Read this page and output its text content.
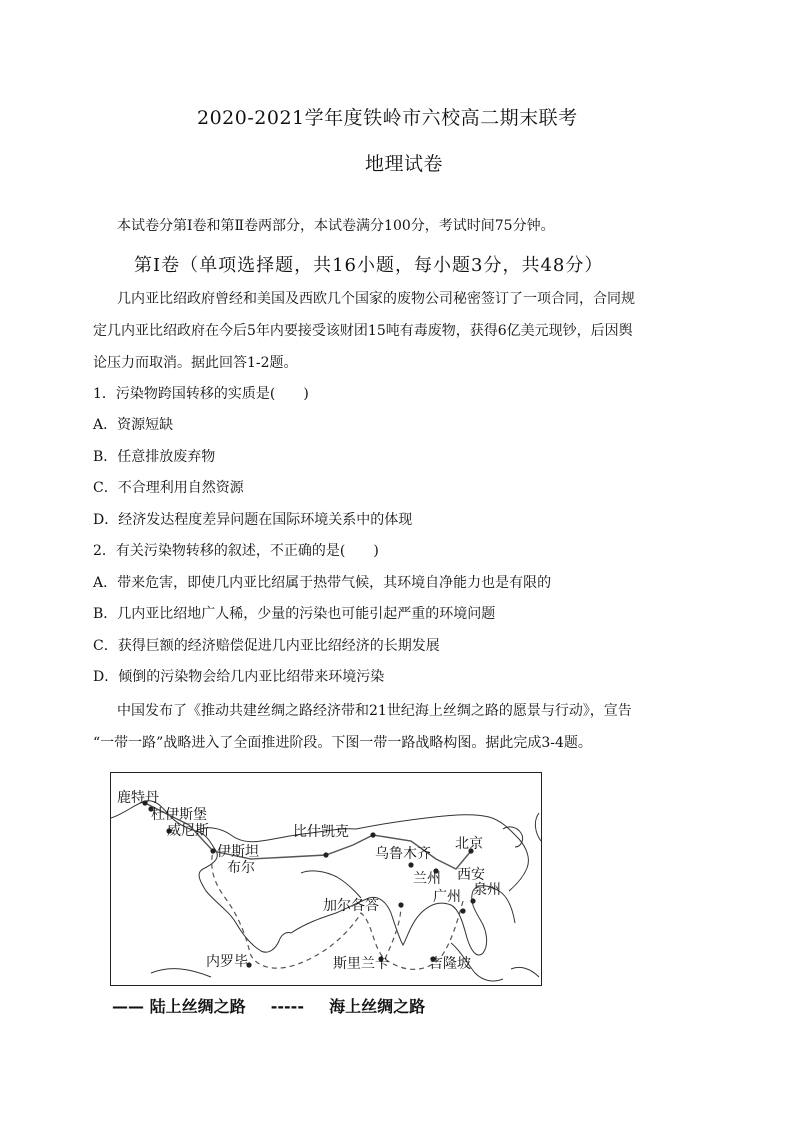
2020-2021学年度铁岭市六校高二期末联考
地理试卷
本试卷分第Ⅰ卷和第Ⅱ卷两部分，本试卷满分100分，考试时间75分钟。
第Ⅰ卷（单项选择题，共16小题，每小题3分，共48分）
几内亚比绍政府曾经和美国及西欧几个国家的废物公司秘密签订了一项合同，合同规
定几内亚比绍政府在今后5年内要接受该财团15吨有毒废物，获得6亿美元现钞，后因舆
论压力而取消。据此回答1-2题。
1．污染物跨国转移的实质是(　　)
A．资源短缺
B．任意排放废弃物
C．不合理利用自然资源
D．经济发达程度差异问题在国际环境关系中的体现
2．有关污染物转移的叙述，不正确的是(　　)
A．带来危害，即使几内亚比绍属于热带气候，其环境自净能力也是有限的
B．几内亚比绍地广人稀，少量的污染也可能引起严重的环境问题
C．获得巨额的经济赔偿促进几内亚比绍经济的长期发展
D．倾倒的污染物会给几内亚比绍带来环境污染
中国发布了《推动共建丝绸之路经济带和21世纪海上丝绸之路的愿景与行动》，宣告
“一带一路”战略进入了全面推进阶段。下图一带一路战略构图。据此完成3-4题。
鹿特丹
杜伊斯堡
威尼斯
伊斯坦
布尔
比什凯克
乌鲁木齐
北京
兰州 西安
广州 泉州
加尔各答
内罗毕	斯里兰卡	吉隆坡
—— 陆上丝绸之路 ----- 海上丝绸之路
